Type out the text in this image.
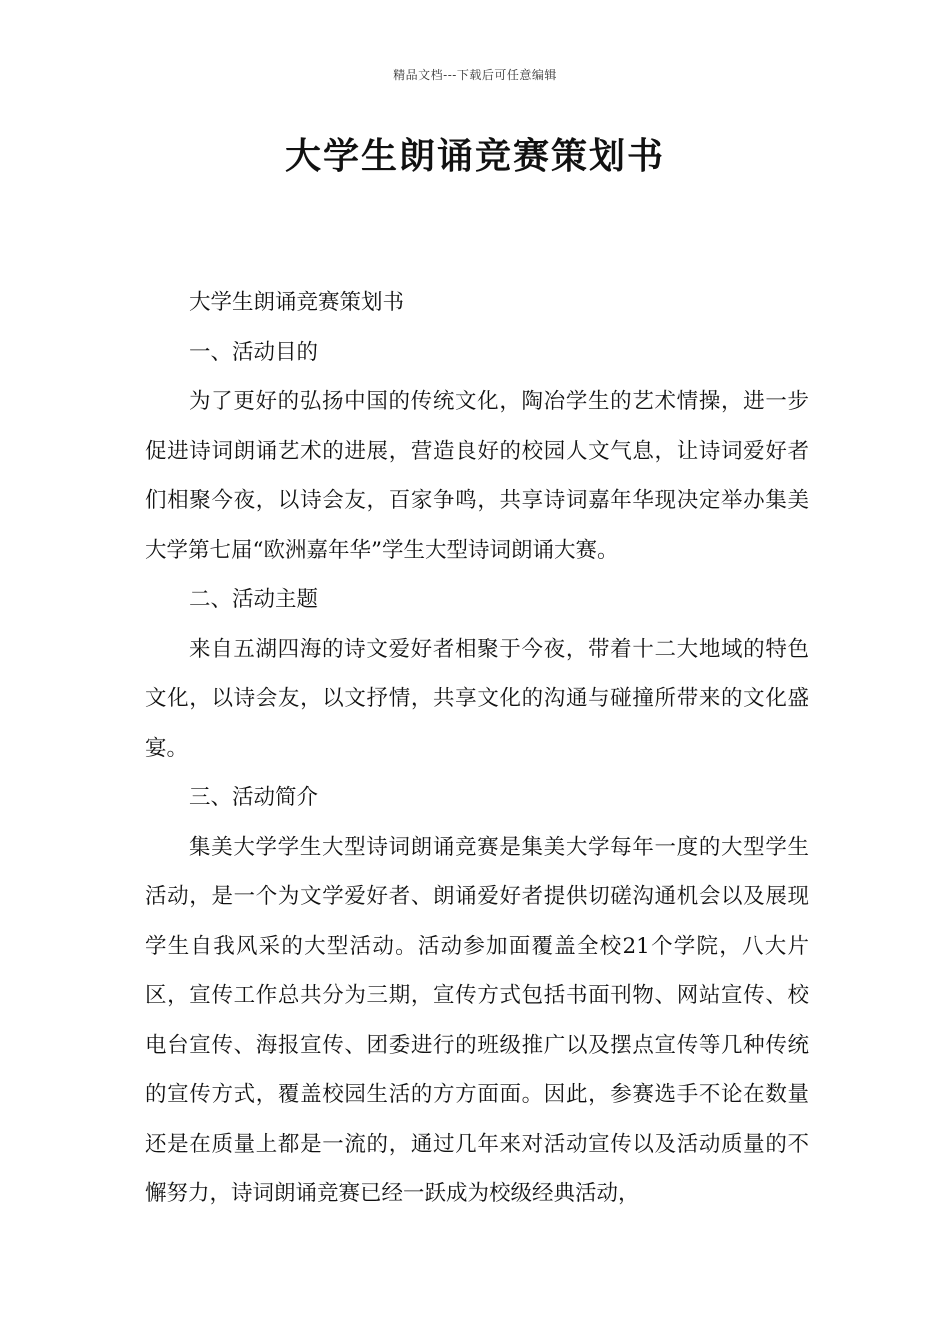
精品文档---下载后可任意编辑
大学生朗诵竞赛策划书

大学生朗诵竞赛策划书

一、活动目的

为了更好的弘扬中国的传统文化，陶冶学生的艺术情操，进一步促进诗词朗诵艺术的进展，营造良好的校园人文气息，让诗词爱好者们相聚今夜，以诗会友，百家争鸣，共享诗词嘉年华现决定举办集美大学第七届“欧洲嘉年华”学生大型诗词朗诵大赛。

二、活动主题

来自五湖四海的诗文爱好者相聚于今夜，带着十二大地域的特色文化，以诗会友，以文抒情，共享文化的沟通与碰撞所带来的文化盛宴。

三、活动简介

集美大学学生大型诗词朗诵竞赛是集美大学每年一度的大型学生活动，是一个为文学爱好者、朗诵爱好者提供切磋沟通机会以及展现学生自我风采的大型活动。活动参加面覆盖全校21个学院，八大片区，宣传工作总共分为三期，宣传方式包括书面刊物、网站宣传、校电台宣传、海报宣传、团委进行的班级推广以及摆点宣传等几种传统的宣传方式，覆盖校园生活的方方面面。因此，参赛选手不论在数量还是在质量上都是一流的，通过几年来对活动宣传以及活动质量的不懈努力，诗词朗诵竞赛已经一跃成为校级经典活动，
